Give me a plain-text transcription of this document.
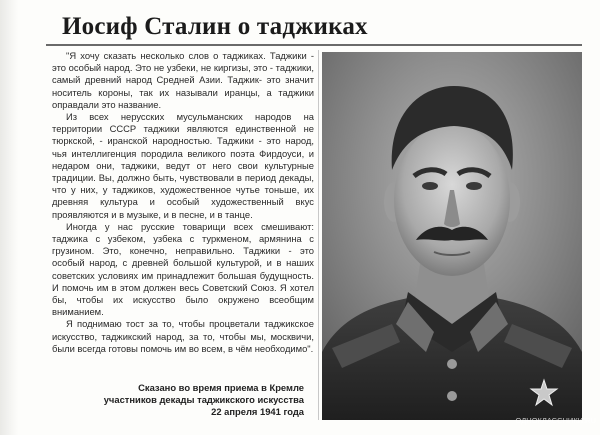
Иосиф Сталин о таджиках

"Я хочу сказать несколько слов о таджиках. Таджики - это особый народ. Это не узбеки, не киргизы, это - таджики, самый древний народ Средней Азии. Таджик- это значит носитель короны, так их называли иранцы, а таджики оправдали это название.

Из всех нерусских мусульманских народов на территории СССР таджики являются единственной не тюркской, - иранской народностью. Таджики - это народ, чья интеллигенция породила великого поэта Фирдоуси, и недаром они, таджики, ведут от него свои культурные традиции. Вы, должно быть, чувствовали в период декады, что у них, у таджиков, художественное чутье тоньше, их древняя культура и особый художественный вкус проявляются и в музыке, и в песне, и в танце.

Иногда у нас русские товарищи всех смешивают: таджика с узбеком, узбека с туркменом, армянина с грузином. Это, конечно, неправильно. Таджики - это особый народ, с древней большой культурой, и в наших советских условиях им принадлежит большая будущность. И помочь им в этом должен весь Советский Союз. Я хотел бы, чтобы их искусство было окружено всеобщим вниманием.

Я поднимаю тост за то, чтобы процветали таджикское искусство, таджикский народ, за то, чтобы мы, москвичи, были всегда готовы помочь им во всем, в чём необходимо".

Сказано во время приема в Кремле
участников декады таджикского искусства
22 апреля 1941 года
ОДНОКЛАССНИКИ.RU
